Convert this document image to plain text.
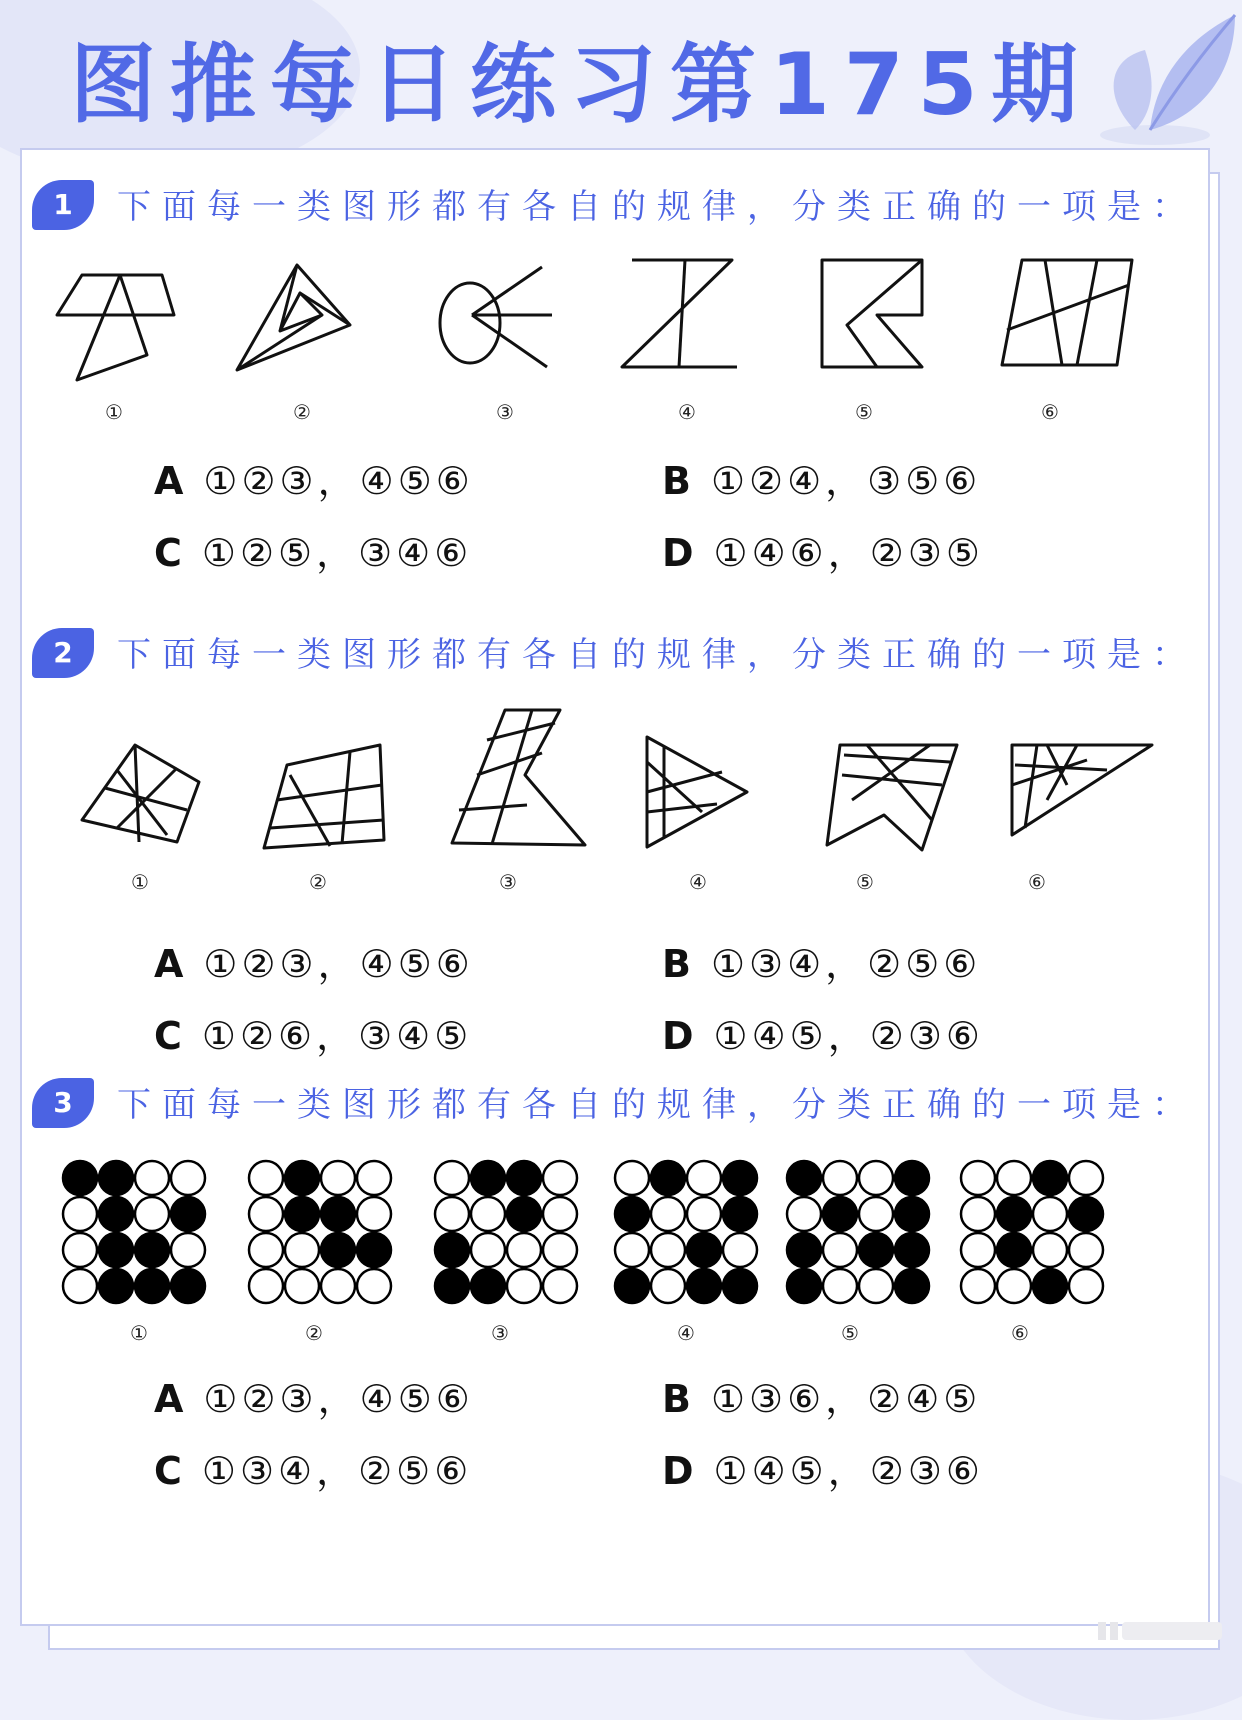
图推每日练习第175期
1	下面每一类图形都有各自的规律，分类正确的一项是：
①	②	③	④	⑤	⑥
A ①②③，④⑤⑥	B ①②④，③⑤⑥
C ①②⑤，③④⑥	D ①④⑥，②③⑤
2	下面每一类图形都有各自的规律，分类正确的一项是：
①	②	③	④	⑤	⑥
A ①②③，④⑤⑥	B ①③④，②⑤⑥
C ①②⑥，③④⑤	D ①④⑤，②③⑥
3	下面每一类图形都有各自的规律，分类正确的一项是：
①	②	③	④	⑤	⑥
A ①②③，④⑤⑥	B ①③⑥，②④⑤
C ①③④，②⑤⑥	D ①④⑤，②③⑥
